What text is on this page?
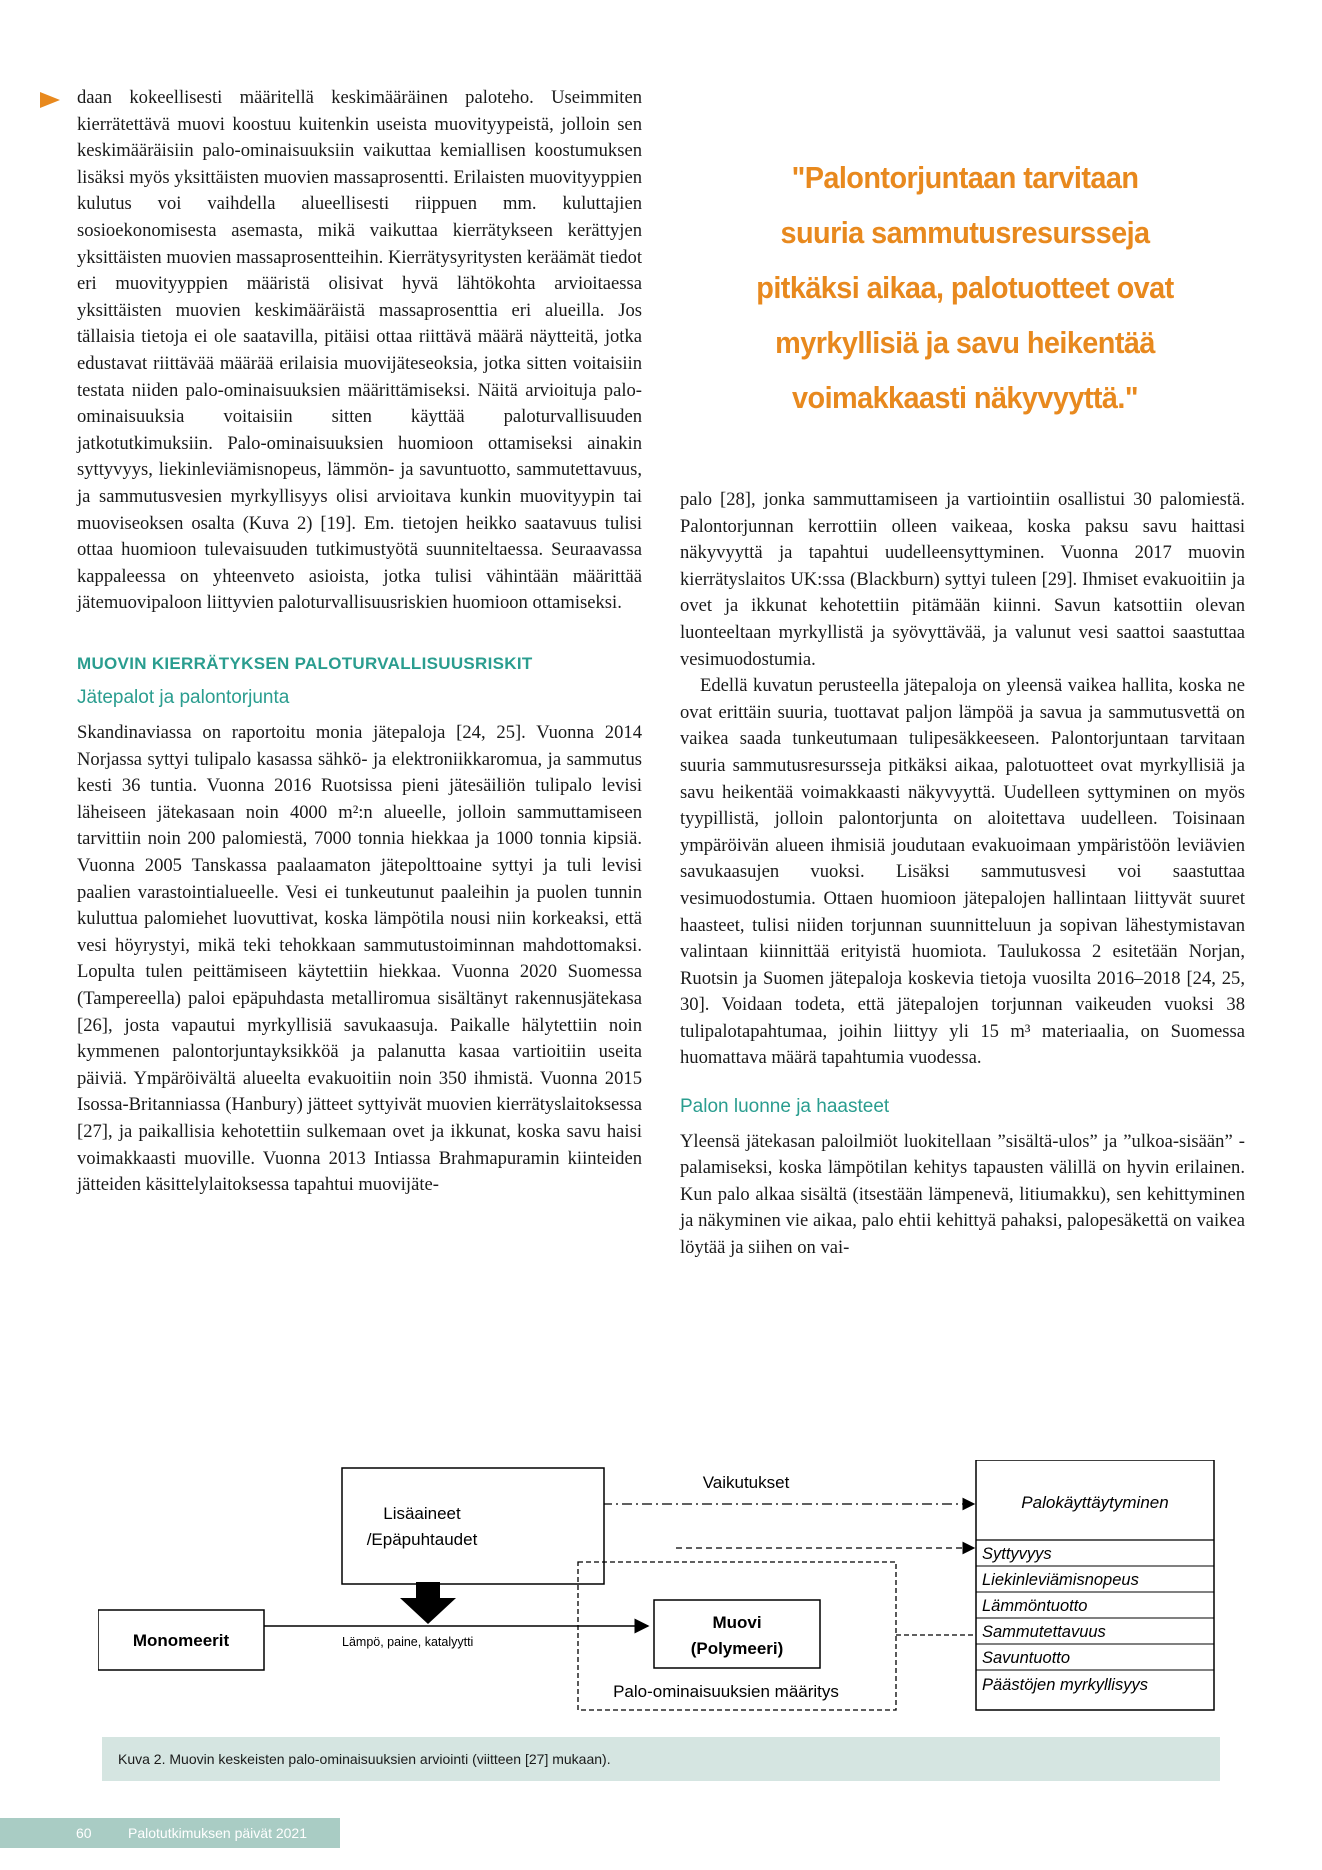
daan kokeellisesti määritellä keskimääräinen paloteho. Useimmiten kierrätettävä muovi koostuu kuitenkin useista muovityypeistä, jolloin sen keskimääräisiin palo-ominaisuuksiin vaikuttaa kemiallisen koostumuksen lisäksi myös yksittäisten muovien massaprosentti. Erilaisten muovityyppien kulutus voi vaihdella alueellisesti riippuen mm. kuluttajien sosioekonomisesta asemasta, mikä vaikuttaa kierrätykseen kerättyjen yksittäisten muovien massaprosentteihin. Kierrätysyritysten keräämät tiedot eri muovityyppien määristä olisivat hyvä lähtökohta arvioitaessa yksittäisten muovien keskimääräistä massaprosenttia eri alueilla. Jos tällaisia tietoja ei ole saatavilla, pitäisi ottaa riittävä määrä näytteitä, jotka edustavat riittävää määrää erilaisia muovijäteseoksia, jotka sitten voitaisiin testata niiden palo-ominaisuuksien määrittämiseksi. Näitä arvioituja palo-ominaisuuksia voitaisiin sitten käyttää paloturvallisuuden jatkotutkimuksiin. Palo-ominaisuuksien huomioon ottamiseksi ainakin syttyvyys, liekinleviämisnopeus, lämmön- ja savuntuotto, sammutettavuus, ja sammutusvesien myrkyllisyys olisi arvioitava kunkin muovityypin tai muoviseoksen osalta (Kuva 2) [19]. Em. tietojen heikko saatavuus tulisi ottaa huomioon tulevaisuuden tutkimustyötä suunniteltaessa. Seuraavassa kappaleessa on yhteenveto asioista, jotka tulisi vähintään määrittää jätemuovipaloon liittyvien paloturvallisuusriskien huomioon ottamiseksi.

MUOVIN KIERRÄTYKSEN PALOTURVALLISUUSRISKIT

Jätepalot ja palontorjunta

Skandinaviassa on raportoitu monia jätepaloja [24, 25]. Vuonna 2014 Norjassa syttyi tulipalo kasassa sähkö- ja elektroniikkaromua, ja sammutus kesti 36 tuntia. Vuonna 2016 Ruotsissa pieni jätesäiliön tulipalo levisi läheiseen jätekasaan noin 4000 m²:n alueelle, jolloin sammuttamiseen tarvittiin noin 200 palomiestä, 7000 tonnia hiekkaa ja 1000 tonnia kipsiä. Vuonna 2005 Tanskassa paalaamaton jätepolttoaine syttyi ja tuli levisi paalien varastointialueelle. Vesi ei tunkeutunut paaleihin ja puolen tunnin kuluttua palomiehet luovuttivat, koska lämpötila nousi niin korkeaksi, että vesi höyrystyi, mikä teki tehokkaan sammutustoiminnan mahdottomaksi. Lopulta tulen peittämiseen käytettiin hiekkaa. Vuonna 2020 Suomessa (Tampereella) paloi epäpuhdasta metalliromua sisältänyt rakennusjätekasa [26], josta vapautui myrkyllisiä savukaasuja. Paikalle hälytettiin noin kymmenen palontorjuntayksikköä ja palanutta kasaa vartioitiin useita päiviä. Ympäröivältä alueelta evakuoitiin noin 350 ihmistä. Vuonna 2015 Isossa-Britanniassa (Hanbury) jätteet syttyivät muovien kierrätyslaitoksessa [27], ja paikallisia kehotettiin sulkemaan ovet ja ikkunat, koska savu haisi voimakkaasti muoville. Vuonna 2013 Intiassa Brahmapuramin kiinteiden jätteiden käsittelylaitoksessa tapahtui muovijäte-

"Palontorjuntaan tarvitaan suuria sammutusresursseja pitkäksi aikaa, palotuotteet ovat myrkyllisiä ja savu heikentää voimakkaasti näkyvyyttä."

palo [28], jonka sammuttamiseen ja vartiointiin osallistui 30 palomiestä. Palontorjunnan kerrottiin olleen vaikeaa, koska paksu savu haittasi näkyvyyttä ja tapahtui uudelleensyttyminen. Vuonna 2017 muovin kierrätyslaitos UK:ssa (Blackburn) syttyi tuleen [29]. Ihmiset evakuoitiin ja ovet ja ikkunat kehotettiin pitämään kiinni. Savun katsottiin olevan luonteeltaan myrkyllistä ja syövyttävää, ja valunut vesi saattoi saastuttaa vesimuodostumia.

Edellä kuvatun perusteella jätepaloja on yleensä vaikea hallita, koska ne ovat erittäin suuria, tuottavat paljon lämpöä ja savua ja sammutusvettä on vaikea saada tunkeutumaan tulipesäkkeeseen. Palontorjuntaan tarvitaan suuria sammutusresursseja pitkäksi aikaa, palotuotteet ovat myrkyllisiä ja savu heikentää voimakkaasti näkyvyyttä. Uudelleen syttyminen on myös tyypillistä, jolloin palontorjunta on aloitettava uudelleen. Toisinaan ympäröivän alueen ihmisiä joudutaan evakuoimaan ympäristöön leviävien savukaasujen vuoksi. Lisäksi sammutusvesi voi saastuttaa vesimuodostumia. Ottaen huomioon jätepalojen hallintaan liittyvät suuret haasteet, tulisi niiden torjunnan suunnitteluun ja sopivan lähestymistavan valintaan kiinnittää erityistä huomiota. Taulukossa 2 esitetään Norjan, Ruotsin ja Suomen jätepaloja koskevia tietoja vuosilta 2016–2018 [24, 25, 30]. Voidaan todeta, että jätepalojen torjunnan vaikeuden vuoksi 38 tulipalotapahtumaa, joihin liittyy yli 15 m³ materiaalia, on Suomessa huomattava määrä tapahtumia vuodessa.

Palon luonne ja haasteet

Yleensä jätekasan paloilmiöt luokitellaan ”sisältä-ulos” ja ”ulkoa-sisään” -palamiseksi, koska lämpötilan kehitys tapausten välillä on hyvin erilainen. Kun palo alkaa sisältä (itsestään lämpenevä, litiumakku), sen kehittyminen ja näkyminen vie aikaa, palo ehtii kehittyä pahaksi, palopesäkettä on vaikea löytää ja siihen on vai-

Vaikutukset
Lisäaineet
/Epäpuhtaudet
Monomeerit	Lämpö, paine, katalyytti
Muovi
(Polymeeri)
Palo-ominaisuuksien määritys
Palokäyttäytyminen
Syttyvyys
Liekinleviämisnopeus
Lämmöntuotto
Sammutettavuus
Savuntuotto
Päästöjen myrkyllisyys
Kuva 2. Muovin keskeisten palo-ominaisuuksien arviointi (viitteen [27] mukaan).
60	Palotutkimuksen päivät 2021
